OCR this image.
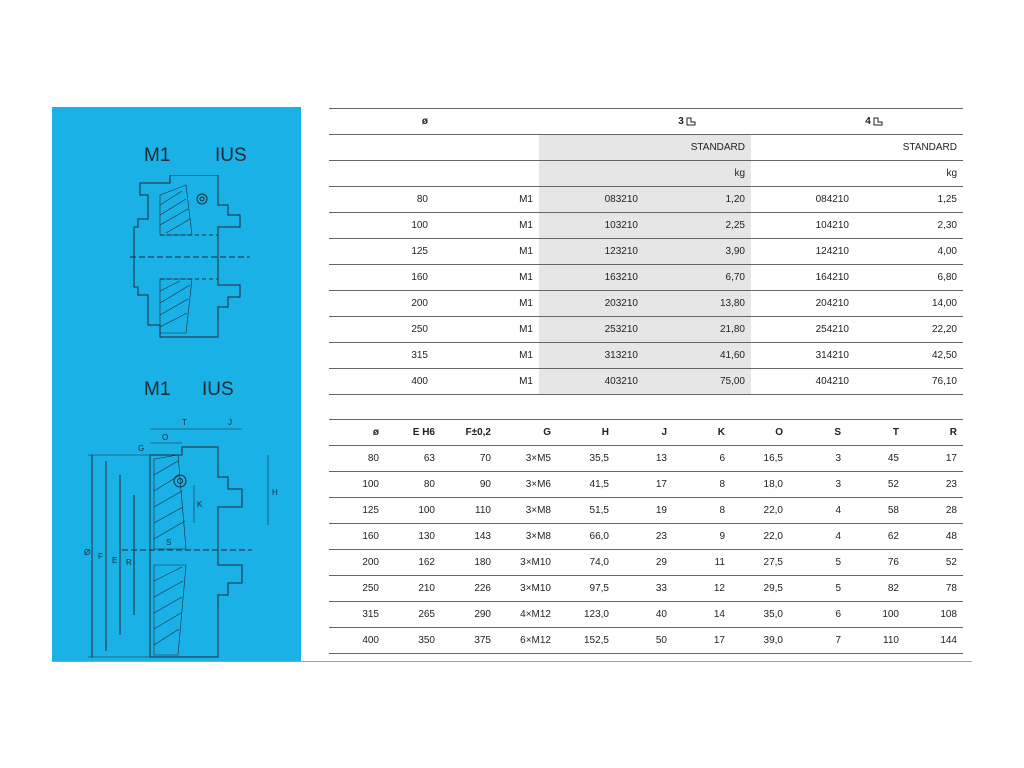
M1 IUS
M1 IUS
T	J
O
G
H
K
S
Ø F E R
ø		3		4	
			STANDARD		STANDARD
			kg		kg
80	M1	083210	1,20	084210	1,25
100	M1	103210	2,25	104210	2,30
125	M1	123210	3,90	124210	4,00
160	M1	163210	6,70	164210	6,80
200	M1	203210	13,80	204210	14,00
250	M1	253210	21,80	254210	22,20
315	M1	313210	41,60	314210	42,50
400	M1	403210	75,00	404210	76,10
ø	E H6	F±0,2	G	H	J	K	O	S	T	R
80	63	70	3×M5	35,5	13	6	16,5	3	45	17
100	80	90	3×M6	41,5	17	8	18,0	3	52	23
125	100	110	3×M8	51,5	19	8	22,0	4	58	28
160	130	143	3×M8	66,0	23	9	22,0	4	62	48
200	162	180	3×M10	74,0	29	11	27,5	5	76	52
250	210	226	3×M10	97,5	33	12	29,5	5	82	78
315	265	290	4×M12	123,0	40	14	35,0	6	100	108
400	350	375	6×M12	152,5	50	17	39,0	7	110	144
